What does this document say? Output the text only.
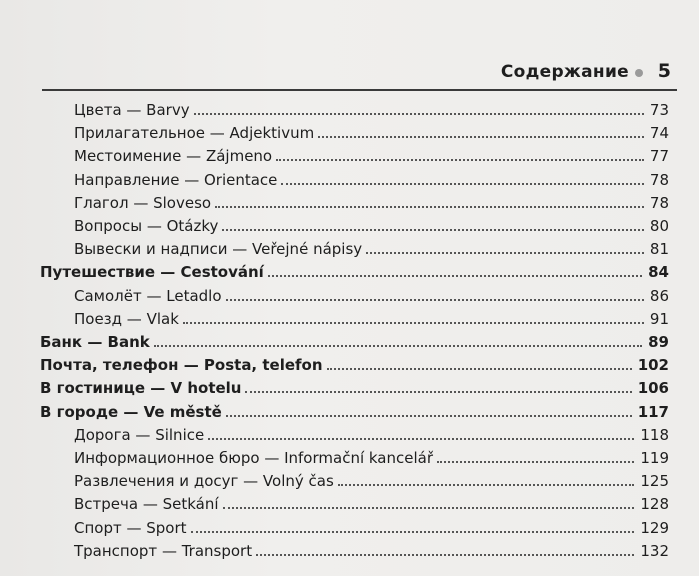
Содержание 5
Цвета — Barvy	73
Прилагательное — Adjektivum	74
Местоимение — Zájmeno	77
Направление — Orientace	78
Глагол — Sloveso	78
Вопросы — Otázky	80
Вывески и надписи — Veřejné nápisy	81
Путешествие — Cestování	84
Самолёт — Letadlo	86
Поезд — Vlak	91
Банк — Bank	89
Почта, телефон — Posta, telefon	102
В гостинице — V hotelu	106
В городе — Ve městě	117
Дорога — Silnice	118
Информационное бюро — Informační kancelář	119
Развлечения и досуг — Volný čas	125
Встреча — Setkání	128
Спорт — Sport	129
Транспорт — Transport	132
